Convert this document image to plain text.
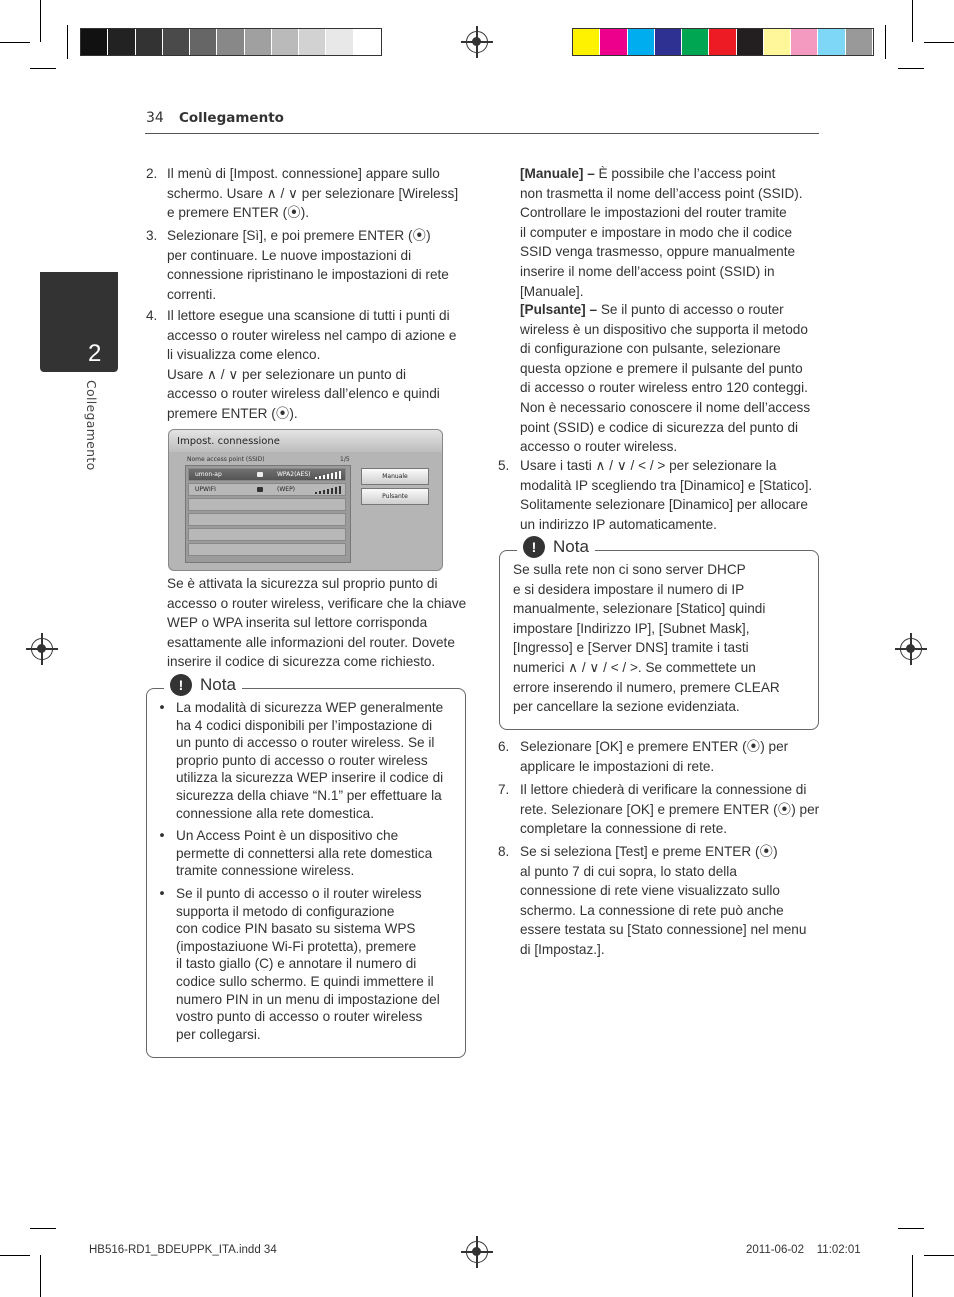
34 Collegamento
2
Collegamento
2. Il menù di [Impost. connessione] appare sullo
schermo. Usare ∧ / ∨ per selezionare [Wireless]
e premere ENTER (⦿).
3. Selezionare [Sì], e poi premere ENTER (⦿)
per continuare. Le nuove impostazioni di
connessione ripristinano le impostazioni di rete
correnti.
4. Il lettore esegue una scansione di tutti i punti di
accesso o router wireless nel campo di azione e
li visualizza come elenco.
Usare ∧ / ∨ per selezionare un punto di
accesso o router wireless dall’elenco e quindi
premere ENTER (⦿).
Impost. connessione
Nome access point (SSID)	1/5
umon-ap	WPA2(AES)
UPWIFI	(WEP)
Manuale
Pulsante
Se è attivata la sicurezza sul proprio punto di
accesso o router wireless, verificare che la chiave
WEP o WPA inserita sul lettore corrisponda
esattamente alle informazioni del router. Dovete
inserire il codice di sicurezza come richiesto.
! Nota
• La modalità di sicurezza WEP generalmente
ha 4 codici disponibili per l’impostazione di
un punto di accesso o router wireless. Se il
proprio punto di accesso o router wireless
utilizza la sicurezza WEP inserire il codice di
sicurezza della chiave “N.1” per effettuare la
connessione alla rete domestica.
• Un Access Point è un dispositivo che
permette di connettersi alla rete domestica
tramite connessione wireless.
• Se il punto di accesso o il router wireless
supporta il metodo di configurazione
con codice PIN basato su sistema WPS
(impostaziuone Wi-Fi protetta), premere
il tasto giallo (C) e annotare il numero di
codice sullo schermo. E quindi immettere il
numero PIN in un menu di impostazione del
vostro punto di accesso o router wireless
per collegarsi.
[Manuale] – È possibile che l’access point
non trasmetta il nome dell’access point (SSID).
Controllare le impostazioni del router tramite
il computer e impostare in modo che il codice
SSID venga trasmesso, oppure manualmente
inserire il nome dell’access point (SSID) in
[Manuale].
[Pulsante] – Se il punto di accesso o router
wireless è un dispositivo che supporta il metodo
di configurazione con pulsante, selezionare
questa opzione e premere il pulsante del punto
di accesso o router wireless entro 120 conteggi.
Non è necessario conoscere il nome dell’access
point (SSID) e codice di sicurezza del punto di
accesso o router wireless.
5. Usare i tasti ∧ / ∨ / < / > per selezionare la
modalità IP scegliendo tra [Dinamico] e [Statico].
Solitamente selezionare [Dinamico] per allocare
un indirizzo IP automaticamente.
! Nota
Se sulla rete non ci sono server DHCP
e si desidera impostare il numero di IP
manualmente, selezionare [Statico] quindi
impostare [Indirizzo IP], [Subnet Mask],
[Ingresso] e [Server DNS] tramite i tasti
numerici ∧ / ∨ / < / >. Se commettete un
errore inserendo il numero, premere CLEAR
per cancellare la sezione evidenziata.
6. Selezionare [OK] e premere ENTER (⦿) per
applicare le impostazioni di rete.
7. Il lettore chiederà di verificare la connessione di
rete. Selezionare [OK] e premere ENTER (⦿) per
completare la connessione di rete.
8. Se si seleziona [Test] e preme ENTER (⦿)
al punto 7 di cui sopra, lo stato della
connessione di rete viene visualizzato sullo
schermo. La connessione di rete può anche
essere testata su [Stato connessione] nel menu
di [Impostaz.].
HB516-RD1_BDEUPPK_ITA.indd 34	2011-06-02    11:02:01
